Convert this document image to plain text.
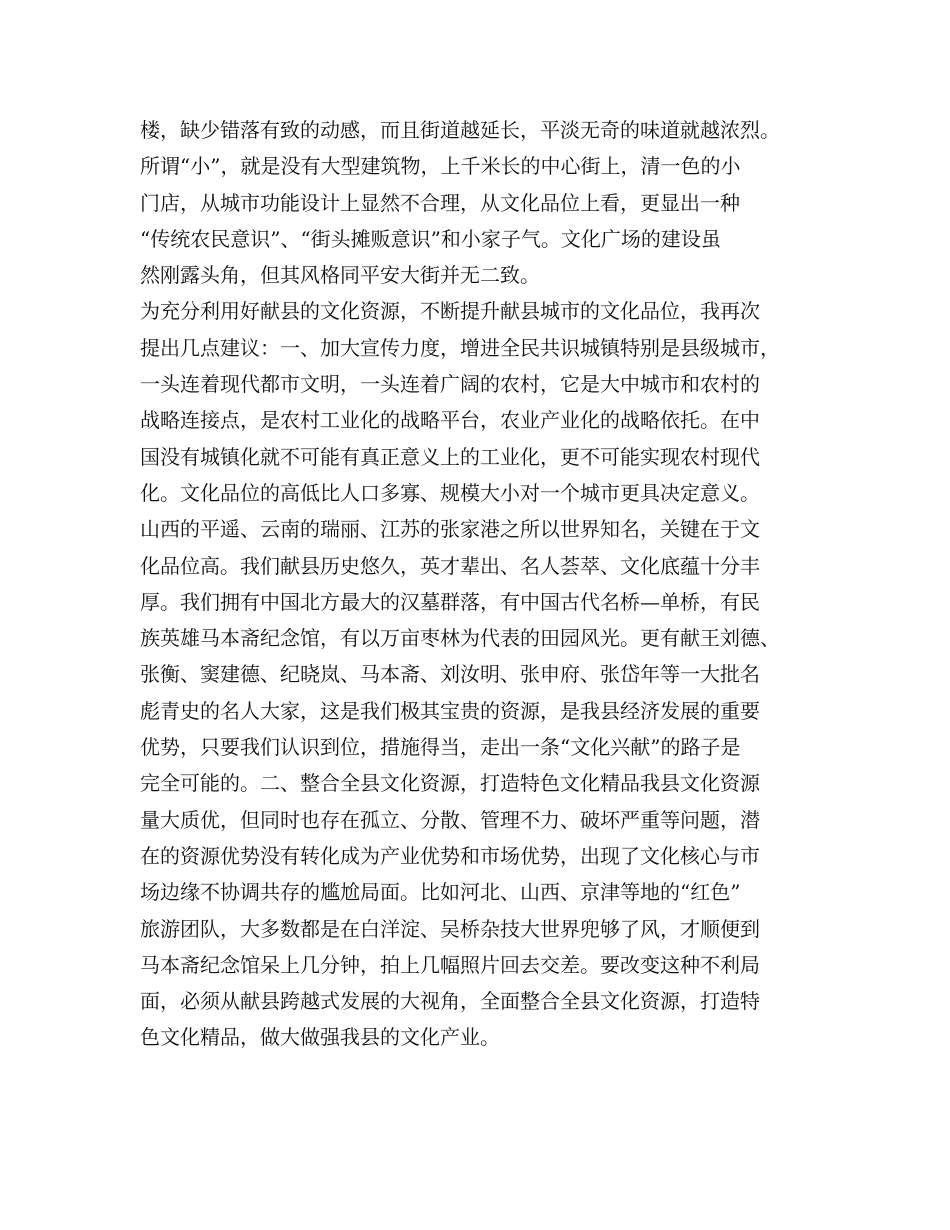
楼，缺少错落有致的动感，而且街道越延长，平淡无奇的味道就越浓烈。
所谓“小”，就是没有大型建筑物，上千米长的中心街上，清一色的小
门店，从城市功能设计上显然不合理，从文化品位上看，更显出一种
“传统农民意识”、“街头摊贩意识”和小家子气。文化广场的建设虽
然刚露头角，但其风格同平安大街并无二致。
为充分利用好献县的文化资源，不断提升献县城市的文化品位，我再次
提出几点建议：一、加大宣传力度，增进全民共识城镇特别是县级城市，
一头连着现代都市文明，一头连着广阔的农村，它是大中城市和农村的
战略连接点，是农村工业化的战略平台，农业产业化的战略依托。在中
国没有城镇化就不可能有真正意义上的工业化，更不可能实现农村现代
化。文化品位的高低比人口多寡、规模大小对一个城市更具决定意义。
山西的平遥、云南的瑞丽、江苏的张家港之所以世界知名，关键在于文
化品位高。我们献县历史悠久，英才辈出、名人荟萃、文化底蕴十分丰
厚。我们拥有中国北方最大的汉墓群落，有中国古代名桥—单桥，有民
族英雄马本斋纪念馆，有以万亩枣林为代表的田园风光。更有献王刘德、
张衡、窦建德、纪晓岚、马本斋、刘汝明、张申府、张岱年等一大批名
彪青史的名人大家，这是我们极其宝贵的资源，是我县经济发展的重要
优势，只要我们认识到位，措施得当，走出一条“文化兴献”的路子是
完全可能的。二、整合全县文化资源，打造特色文化精品我县文化资源
量大质优，但同时也存在孤立、分散、管理不力、破坏严重等问题，潜
在的资源优势没有转化成为产业优势和市场优势，出现了文化核心与市
场边缘不协调共存的尴尬局面。比如河北、山西、京津等地的“红色”
旅游团队，大多数都是在白洋淀、吴桥杂技大世界兜够了风，才顺便到
马本斋纪念馆呆上几分钟，拍上几幅照片回去交差。要改变这种不利局
面，必须从献县跨越式发展的大视角，全面整合全县文化资源，打造特
色文化精品，做大做强我县的文化产业。
